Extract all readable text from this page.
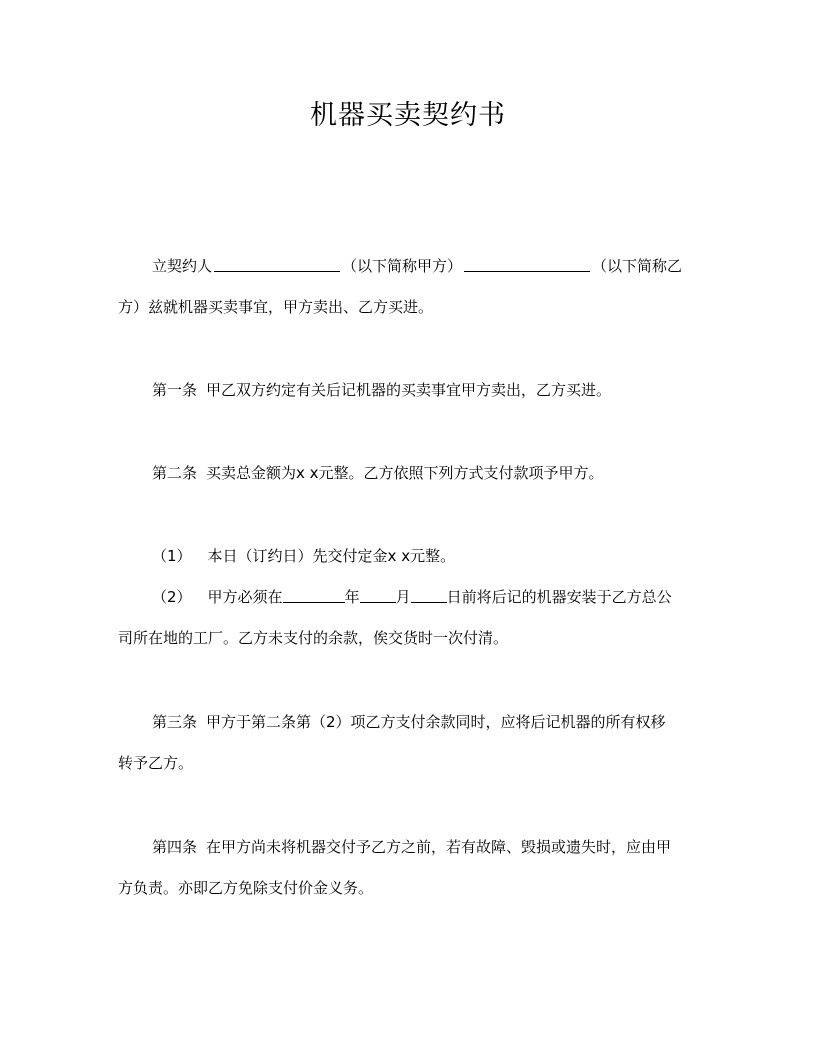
机器买卖契约书
立契约人	（以下简称甲方）	（以下简称乙
方）兹就机器买卖事宜，甲方卖出、乙方买进。
第一条 甲乙双方约定有关后记机器的买卖事宜甲方卖出，乙方买进。
第二条 买卖总金额为x x元整。乙方依照下列方式支付款项予甲方。
（1） 本日（订约日）先交付定金x x元整。
（2） 甲方必须在	年 月 日前将后记的机器安装于乙方总公
司所在地的工厂。乙方未支付的余款，俟交货时一次付清。
第三条 甲方于第二条第（2）项乙方支付余款同时，应将后记机器的所有权移
转予乙方。
第四条 在甲方尚未将机器交付予乙方之前，若有故障、毁损或遗失时，应由甲
方负责。亦即乙方免除支付价金义务。
